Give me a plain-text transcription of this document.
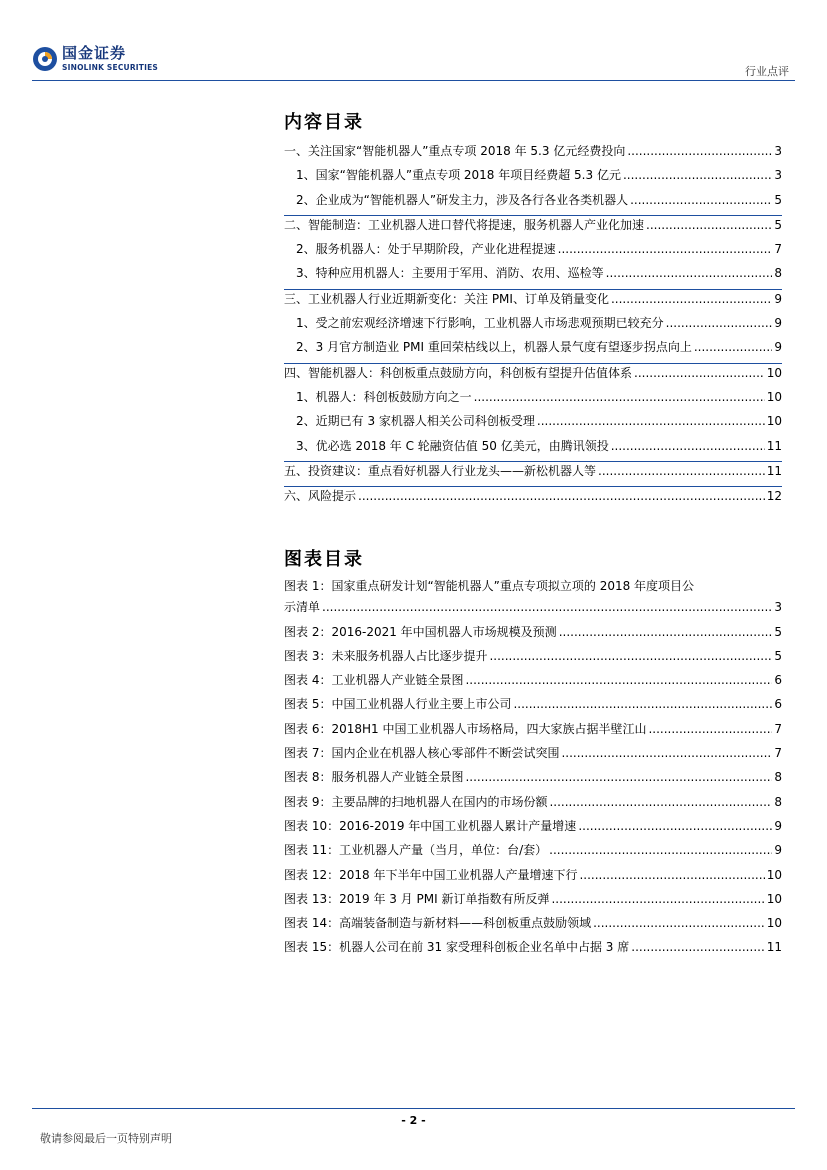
国金证券
SINOLINK SECURITIES	行业点评
内容目录
一、关注国家“智能机器人”重点专项 2018 年 5.3 亿元经费投向 .....	3
1、国家“智能机器人”重点专项 2018 年项目经费超 5.3 亿元 .....	3
2、企业成为“智能机器人”研发主力，涉及各行各业各类机器人 .....	5
二、智能制造：工业机器人进口替代将提速，服务机器人产业化加速 .....	5
2、服务机器人：处于早期阶段，产业化进程提速 .....	7
3、特种应用机器人：主要用于军用、消防、农用、巡检等 .....	8
三、工业机器人行业近期新变化：关注 PMI、订单及销量变化 .....	9
1、受之前宏观经济增速下行影响，工业机器人市场悲观预期已较充分 .....	9
2、3 月官方制造业 PMI 重回荣枯线以上，机器人景气度有望逐步拐点向上 .....	9
四、智能机器人：科创板重点鼓励方向，科创板有望提升估值体系 .....	10
1、机器人：科创板鼓励方向之一 .....	10
2、近期已有 3 家机器人相关公司科创板受理 .....	10
3、优必选 2018 年 C 轮融资估值 50 亿美元，由腾讯领投 .....	11
五、投资建议：重点看好机器人行业龙头——新松机器人等 .....	11
六、风险提示 .....	12
图表目录
图表 1：国家重点研发计划“智能机器人”重点专项拟立项的 2018 年度项目公
示清单 .....	3
图表 2：2016-2021 年中国机器人市场规模及预测 .....	5
图表 3：未来服务机器人占比逐步提升 .....	5
图表 4：工业机器人产业链全景图 .....	6
图表 5：中国工业机器人行业主要上市公司 .....	6
图表 6：2018H1 中国工业机器人市场格局，四大家族占据半壁江山 .....	7
图表 7：国内企业在机器人核心零部件不断尝试突围 .....	7
图表 8：服务机器人产业链全景图 .....	8
图表 9：主要品牌的扫地机器人在国内的市场份额 .....	8
图表 10：2016-2019 年中国工业机器人累计产量增速 .....	9
图表 11：工业机器人产量（当月，单位：台/套） .....	9
图表 12：2018 年下半年中国工业机器人产量增速下行 .....	10
图表 13：2019 年 3 月 PMI 新订单指数有所反弹 .....	10
图表 14：高端装备制造与新材料——科创板重点鼓励领域 .....	10
图表 15：机器人公司在前 31 家受理科创板企业名单中占据 3 席 .....	11
- 2 -
敬请参阅最后一页特别声明
